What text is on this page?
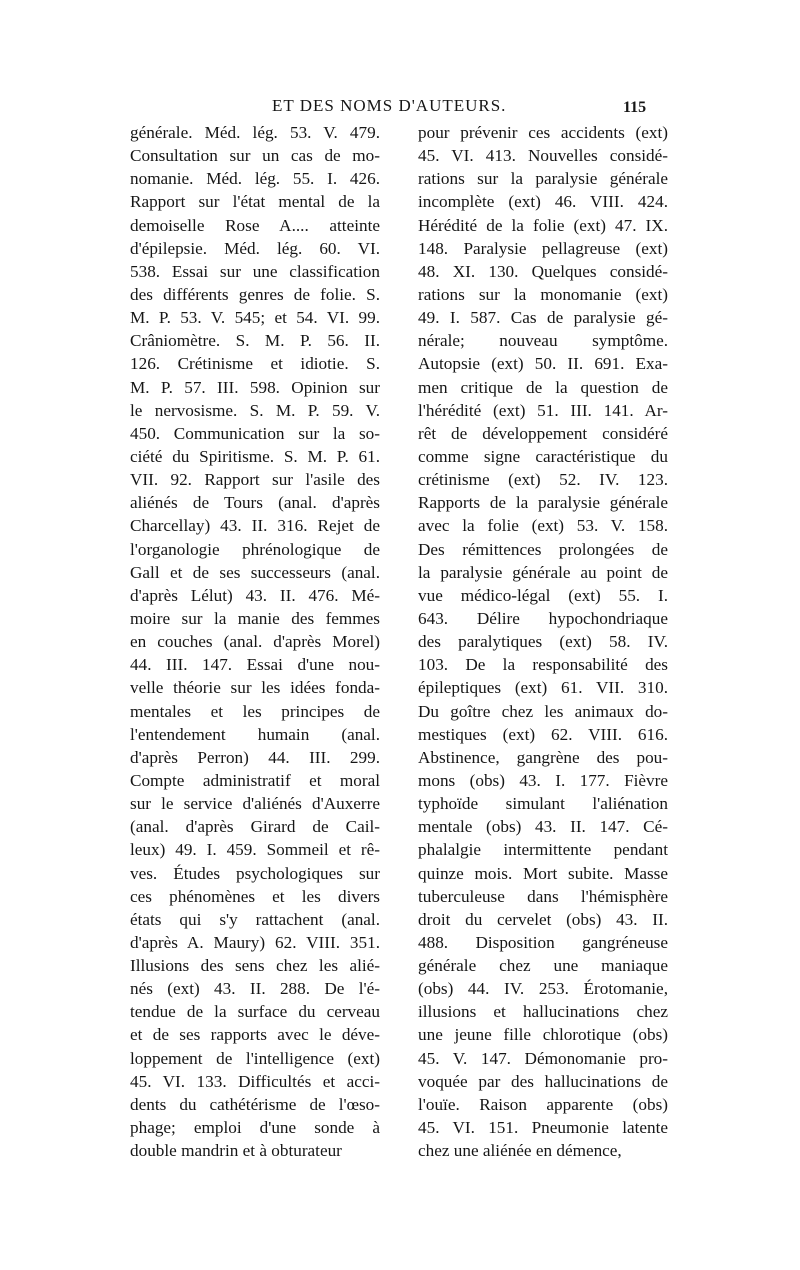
ET DES NOMS D'AUTEURS.	115
générale. Méd. lég. 53. V. 479.
Consultation sur un cas de mo-
nomanie. Méd. lég. 55. I. 426.
Rapport sur l'état mental de la
demoiselle Rose A.... atteinte
d'épilepsie. Méd. lég. 60. VI.
538. Essai sur une classification
des différents genres de folie. S.
M. P. 53. V. 545; et 54. VI. 99.
Crâniomètre. S. M. P. 56. II.
126. Crétinisme et idiotie. S.
M. P. 57. III. 598. Opinion sur
le nervosisme. S. M. P. 59. V.
450. Communication sur la so-
ciété du Spiritisme. S. M. P. 61.
VII. 92. Rapport sur l'asile des
aliénés de Tours (anal. d'après
Charcellay) 43. II. 316. Rejet de
l'organologie phrénologique de
Gall et de ses successeurs (anal.
d'après Lélut) 43. II. 476. Mé-
moire sur la manie des femmes
en couches (anal. d'après Morel)
44. III. 147. Essai d'une nou-
velle théorie sur les idées fonda-
mentales et les principes de
l'entendement humain (anal.
d'après Perron) 44. III. 299.
Compte administratif et moral
sur le service d'aliénés d'Auxerre
(anal. d'après Girard de Cail-
leux) 49. I. 459. Sommeil et rê-
ves. Études psychologiques sur
ces phénomènes et les divers
états qui s'y rattachent (anal.
d'après A. Maury) 62. VIII. 351.
Illusions des sens chez les alié-
nés (ext) 43. II. 288. De l'é-
tendue de la surface du cerveau
et de ses rapports avec le déve-
loppement de l'intelligence (ext)
45. VI. 133. Difficultés et acci-
dents du cathétérisme de l'œso-
phage; emploi d'une sonde à
double mandrin et à obturateur
pour prévenir ces accidents (ext)
45. VI. 413. Nouvelles considé-
rations sur la paralysie générale
incomplète (ext) 46. VIII. 424.
Hérédité de la folie (ext) 47. IX.
148. Paralysie pellagreuse (ext)
48. XI. 130. Quelques considé-
rations sur la monomanie (ext)
49. I. 587. Cas de paralysie gé-
nérale; nouveau symptôme.
Autopsie (ext) 50. II. 691. Exa-
men critique de la question de
l'hérédité (ext) 51. III. 141. Ar-
rêt de développement considéré
comme signe caractéristique du
crétinisme (ext) 52. IV. 123.
Rapports de la paralysie générale
avec la folie (ext) 53. V. 158.
Des rémittences prolongées de
la paralysie générale au point de
vue médico-légal (ext) 55. I.
643. Délire hypochondriaque
des paralytiques (ext) 58. IV.
103. De la responsabilité des
épileptiques (ext) 61. VII. 310.
Du goître chez les animaux do-
mestiques (ext) 62. VIII. 616.
Abstinence, gangrène des pou-
mons (obs) 43. I. 177. Fièvre
typhoïde simulant l'aliénation
mentale (obs) 43. II. 147. Cé-
phalalgie intermittente pendant
quinze mois. Mort subite. Masse
tuberculeuse dans l'hémisphère
droit du cervelet (obs) 43. II.
488. Disposition gangréneuse
générale chez une maniaque
(obs) 44. IV. 253. Érotomanie,
illusions et hallucinations chez
une jeune fille chlorotique (obs)
45. V. 147. Démonomanie pro-
voquée par des hallucinations de
l'ouïe. Raison apparente (obs)
45. VI. 151. Pneumonie latente
chez une aliénée en démence,
